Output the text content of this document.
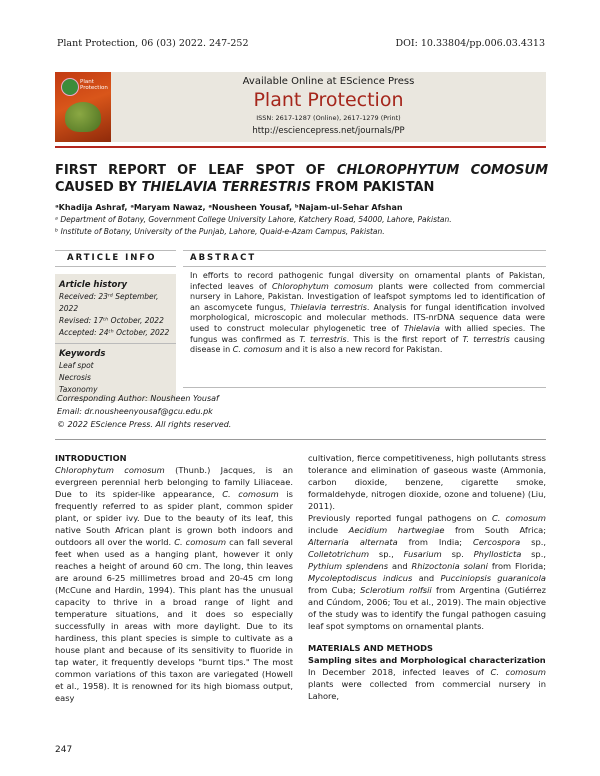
Plant Protection, 06 (03) 2022. 247-252	DOI: 10.33804/pp.006.03.4313
Plant
Protection
Available Online at EScience Press
Plant Protection
ISSN: 2617-1287 (Online), 2617-1279 (Print)
http://esciencepress.net/journals/PP
FIRST REPORT OF LEAF SPOT OF CHLOROPHYTUM COMOSUM CAUSED BY THIELAVIA TERRESTRIS FROM PAKISTAN
ᵃKhadija Ashraf, ᵃMaryam Nawaz, ᵃNousheen Yousaf, ᵇNajam-ul-Sehar Afshan
ᵃ Department of Botany, Government College University Lahore, Katchery Road, 54000, Lahore, Pakistan.
ᵇ Institute of Botany, University of the Punjab, Lahore, Quaid-e-Azam Campus, Pakistan.
ARTICLE INFO	ABSTRACT
Article history
Received: 23ʳᵈ September, 2022
Revised: 17ᵗʰ October, 2022
Accepted: 24ᵗʰ October, 2022
Keywords
Leaf spot
Necrosis
Taxonomy
In efforts to record pathogenic fungal diversity on ornamental plants of Pakistan, infected leaves of Chlorophytum comosum plants were collected from commercial nursery in Lahore, Pakistan. Investigation of leafspot symptoms led to identification of an ascomycete fungus, Thielavia terrestris. Analysis for fungal identification involved morphological, microscopic and molecular methods. ITS-nrDNA sequence data were used to construct molecular phylogenetic tree of Thielavia with allied species. The fungus was confirmed as T. terrestris. This is the first report of T. terrestris causing disease in C. comosum and it is also a new record for Pakistan.
Corresponding Author: Nousheen Yousaf
Email: dr.nousheenyousaf@gcu.edu.pk
© 2022 EScience Press. All rights reserved.

INTRODUCTION

Chlorophytum comosum (Thunb.) Jacques, is an evergreen perennial herb belonging to family Liliaceae. Due to its spider-like appearance, C. comosum is frequently referred to as spider plant, common spider plant, or spider ivy. Due to the beauty of its leaf, this native South African plant is grown both indoors and outdoors all over the world. C. comosum can fall several feet when used as a hanging plant, however it only reaches a height of around 60 cm. The long, thin leaves are around 6-25 millimetres broad and 20-45 cm long (McCune and Hardin, 1994). This plant has the unusual capacity to thrive in a broad range of light and temperature situations, and it does so especially successfully in areas with more daylight. Due to its hardiness, this plant species is simple to cultivate as a house plant and because of its sensitivity to fluoride in tap water, it frequently develops "burnt tips." The most common variations of this taxon are variegated (Howell et al., 1958). It is renowned for its high biomass output, easy

cultivation, fierce competitiveness, high pollutants stress tolerance and elimination of gaseous waste (Ammonia, carbon dioxide, benzene, cigarette smoke, formaldehyde, nitrogen dioxide, ozone and toluene) (Liu, 2011).

Previously reported fungal pathogens on C. comosum include Aecidium hartwegiae from South Africa; Alternaria alternata from India; Cercospora sp., Colletotrichum sp., Fusarium sp. Phyllosticta sp., Pythium splendens and Rhizoctonia solani from Florida; Mycoleptodiscus indicus and Pucciniopsis guaranicola from Cuba; Sclerotium rolfsii from Argentina (Gutiérrez and Cúndom, 2006; Tou et al., 2019). The main objective of the study was to identify the fungal pathogen casuing leaf spot symptoms on ornamental plants.

MATERIALS AND METHODS

Sampling sites and Morphological characterization

In December 2018, infected leaves of C. comosum plants were collected from commercial nursery in Lahore,

247
